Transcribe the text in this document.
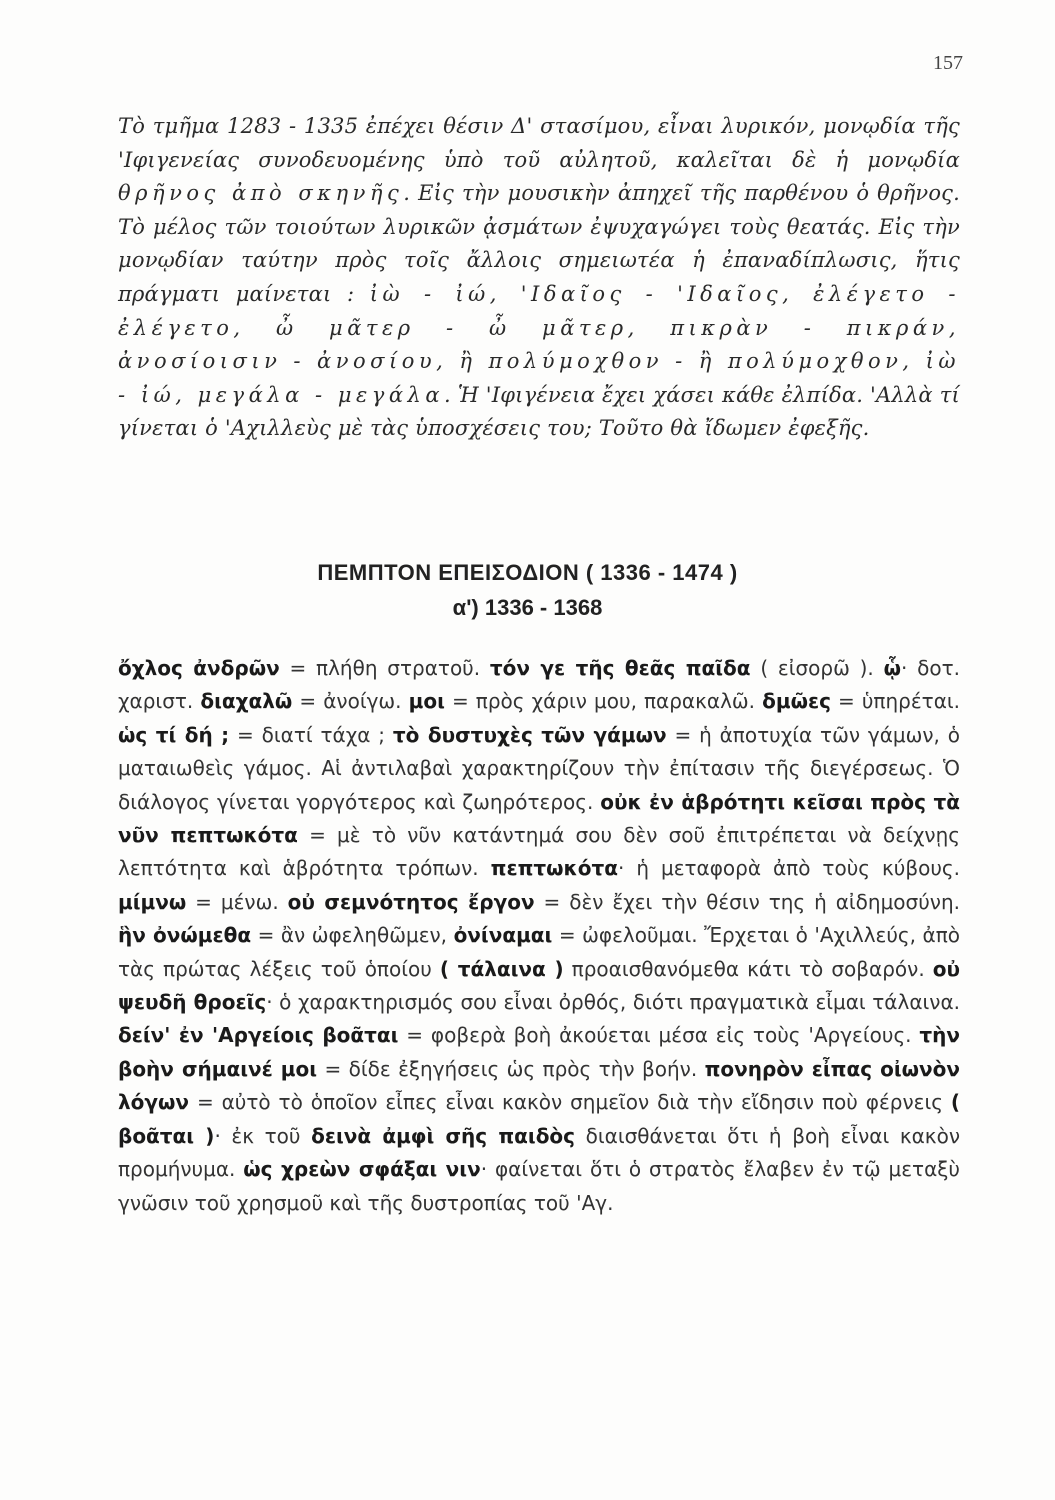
157
Τὸ τμῆμα 1283 - 1335 ἐπέχει θέσιν Δ' στασίμου, εἶναι λυρικόν, μονῳδία τῆς 'Ιφιγενείας συνοδευομένης ὑπὸ τοῦ αὐλητοῦ, καλεῖται δὲ ἡ μονῳδία θρῆνος ἀπὸ σκηνῆς. Εἰς τὴν μουσικὴν ἀπηχεῖ τῆς παρθένου ὁ θρῆνος. Τὸ μέλος τῶν τοιούτων λυρικῶν ᾀσμάτων ἐψυχαγώγει τοὺς θεατάς. Εἰς τὴν μονῳδίαν ταύτην πρὸς τοῖς ἄλλοις σημειωτέα ἡ ἐπαναδίπλωσις, ἥτις πράγματι μαίνεται : ἰὼ - ἰώ, 'Ιδαῖος - 'Ιδαῖος, ἐλέγετο - ἐλέγετο, ὦ μᾶτερ - ὦ μᾶτερ, πικρὰν - πικράν, ἀνοσίοισιν - ἀνοσίου, ἢ πολύμοχθον - ἢ πολύμοχθον, ἰὼ - ἰώ, μεγάλα - μεγάλα. Ἡ 'Ιφιγένεια ἔχει χάσει κάθε ἐλπίδα. 'Αλλὰ τί γίνεται ὁ 'Αχιλλεὺς μὲ τὰς ὑποσχέσεις του; Τοῦτο θὰ ἴδωμεν ἐφεξῆς.
ΠΕΜΠΤΟΝ ΕΠΕΙΣΟΔΙΟΝ ( 1336 - 1474 )
α') 1336 - 1368
ὄχλος ἀνδρῶν = πλήθη στρατοῦ. τόν γε τῆς θεᾶς παῖδα ( εἰσορῶ ). ᾧ· δοτ. χαριστ. διαχαλῶ = ἀνοίγω. μοι = πρὸς χάριν μου, παρακαλῶ. δμῶες = ὑπηρέται. ὡς τί δή ; = διατί τάχα ; τὸ δυστυχὲς τῶν γάμων = ἡ ἀποτυχία τῶν γάμων, ὁ ματαιωθεὶς γάμος. Αἱ ἀντιλαβαὶ χαρακτηρίζουν τὴν ἐπίτασιν τῆς διεγέρσεως. Ὁ διάλογος γίνεται γοργότερος καὶ ζωηρότερος. οὐκ ἐν ἁβρότητι κεῖσαι πρὸς τὰ νῦν πεπτωκότα = μὲ τὸ νῦν κατάντημά σου δὲν σοῦ ἐπιτρέπεται νὰ δείχνῃς λεπτότητα καὶ ἁβρότητα τρόπων. πεπτωκότα· ἡ μεταφορὰ ἀπὸ τοὺς κύβους. μίμνω = μένω. οὐ σεμνότητος ἔργον = δὲν ἔχει τὴν θέσιν της ἡ αἰδημοσύνη. ἣν ὀνώμεθα = ἂν ὠφεληθῶμεν, ὀνίναμαι = ὠφελοῦμαι. Ἔρχεται ὁ 'Αχιλλεύς, ἀπὸ τὰς πρώτας λέξεις τοῦ ὁποίου ( τάλαινα ) προαισθανόμεθα κάτι τὸ σοβαρόν. οὐ ψευδῆ θροεῖς· ὁ χαρακτηρισμός σου εἶναι ὀρθός, διότι πραγματικὰ εἶμαι τάλαινα. δείν' ἐν 'Αργείοις βοᾶται = φοβερὰ βοὴ ἀκούεται μέσα εἰς τοὺς 'Αργείους. τὴν βοὴν σήμαινέ μοι = δίδε ἐξηγήσεις ὡς πρὸς τὴν βοήν. πονηρὸν εἶπας οἰωνὸν λόγων = αὐτὸ τὸ ὁποῖον εἶπες εἶναι κακὸν σημεῖον διὰ τὴν εἴδησιν ποὺ φέρνεις ( βοᾶται )· ἐκ τοῦ δεινὰ ἀμφὶ σῆς παιδὸς διαισθάνεται ὅτι ἡ βοὴ εἶναι κακὸν προμήνυμα. ὡς χρεὼν σφάξαι νιν· φαίνεται ὅτι ὁ στρατὸς ἔλαβεν ἐν τῷ μεταξὺ γνῶσιν τοῦ χρησμοῦ καὶ τῆς δυστροπίας τοῦ 'Αγ.
